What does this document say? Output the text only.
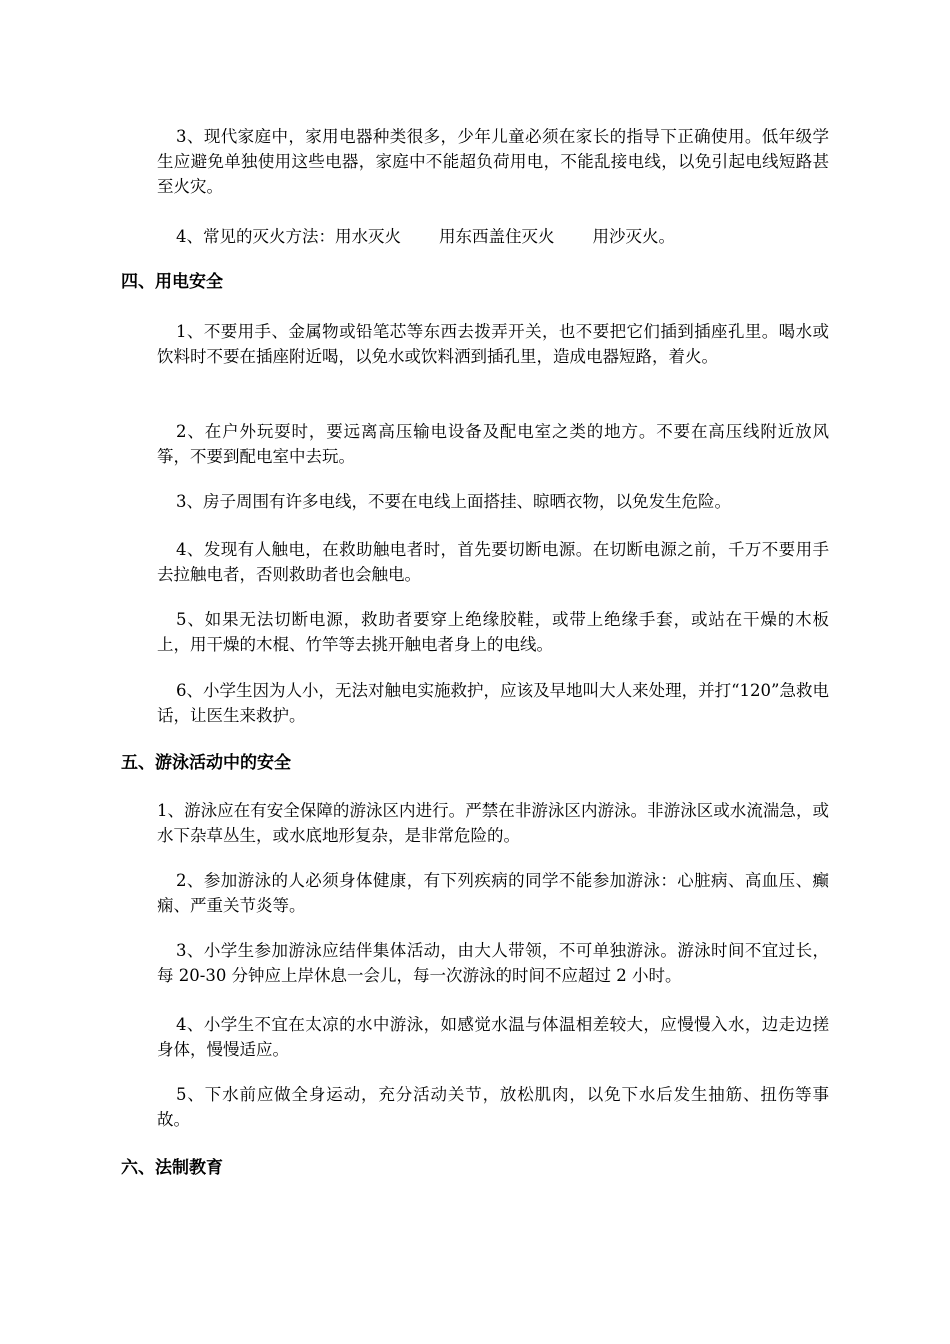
3、现代家庭中，家用电器种类很多，少年儿童必须在家长的指导下正确使用。低年级学生应避免单独使用这些电器，家庭中不能超负荷用电，不能乱接电线，以免引起电线短路甚至火灾。

4、常见的灭火方法：用水灭火 用东西盖住灭火 用沙灭火。

四、用电安全

1、不要用手、金属物或铅笔芯等东西去拨弄开关，也不要把它们插到插座孔里。喝水或饮料时不要在插座附近喝，以免水或饮料洒到插孔里，造成电器短路，着火。

2、在户外玩耍时，要远离高压输电设备及配电室之类的地方。不要在高压线附近放风筝，不要到配电室中去玩。

3、房子周围有许多电线，不要在电线上面搭挂、晾晒衣物，以免发生危险。

4、发现有人触电，在救助触电者时，首先要切断电源。在切断电源之前，千万不要用手去拉触电者，否则救助者也会触电。

5、如果无法切断电源，救助者要穿上绝缘胶鞋，或带上绝缘手套，或站在干燥的木板上，用干燥的木棍、竹竿等去挑开触电者身上的电线。

6、小学生因为人小，无法对触电实施救护，应该及早地叫大人来处理，并打“120”急救电话，让医生来救护。

五、游泳活动中的安全

1、游泳应在有安全保障的游泳区内进行。严禁在非游泳区内游泳。非游泳区或水流湍急，或水下杂草丛生，或水底地形复杂，是非常危险的。

2、参加游泳的人必须身体健康，有下列疾病的同学不能参加游泳：心脏病、高血压、癫痫、严重关节炎等。

3、小学生参加游泳应结伴集体活动，由大人带领，不可单独游泳。游泳时间不宜过长，每 20-30 分钟应上岸休息一会儿，每一次游泳的时间不应超过 2 小时。

4、小学生不宜在太凉的水中游泳，如感觉水温与体温相差较大，应慢慢入水，边走边搓身体，慢慢适应。

5、下水前应做全身运动，充分活动关节，放松肌肉，以免下水后发生抽筋、扭伤等事故。

六、法制教育
